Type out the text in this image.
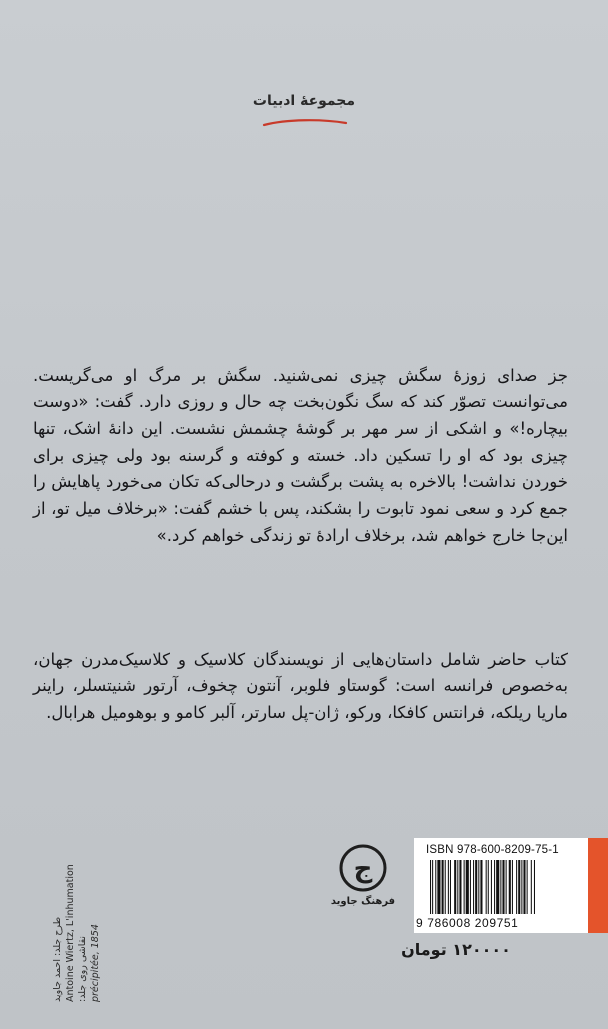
مجموعهٔ ادبیات

جز صدای زوزهٔ سگش چیزی نمی‌شنید. سگش بر مرگ او می‌گریست. می‌توانست تصوّر کند که سگ نگون‌بخت چه حال و روزی دارد. گفت: «دوست بیچاره!» و اشکی از سر مهر بر گوشهٔ چشمش نشست. این دانهٔ اشک، تنها چیزی بود که او را تسکین داد. خسته و کوفته و گرسنه بود ولی چیزی برای خوردن نداشت! بالاخره به پشت برگشت و درحالی‌که تکان می‌خورد پاهایش را جمع کرد و سعی نمود تابوت را بشکند، پس با خشم گفت: «برخلاف میل تو، از این‌جا خارج خواهم شد، برخلاف ارادهٔ تو زندگی خواهم کرد.»

کتاب حاضر شامل داستان‌هایی از نویسندگان کلاسیک و کلاسیک‌مدرن جهان، به‌خصوص فرانسه است: گوستاو فلوبر، آنتون چخوف، آرتور شنیتسلر، راینر ماریا ریلکه، فرانتس کافکا، ورکو، ژان-پل سارتر، آلبر کامو و بوهومیل هرابال.

طرح جلد: احمد جاوید Antoine Wiertz, L'inhumation نقاشی روی جلد: précipitée, 1854
ج
فرهنگ جاوید
۱۲۰۰۰۰ تومان
ISBN 978-600-8209-75-1
9 786008 209751
